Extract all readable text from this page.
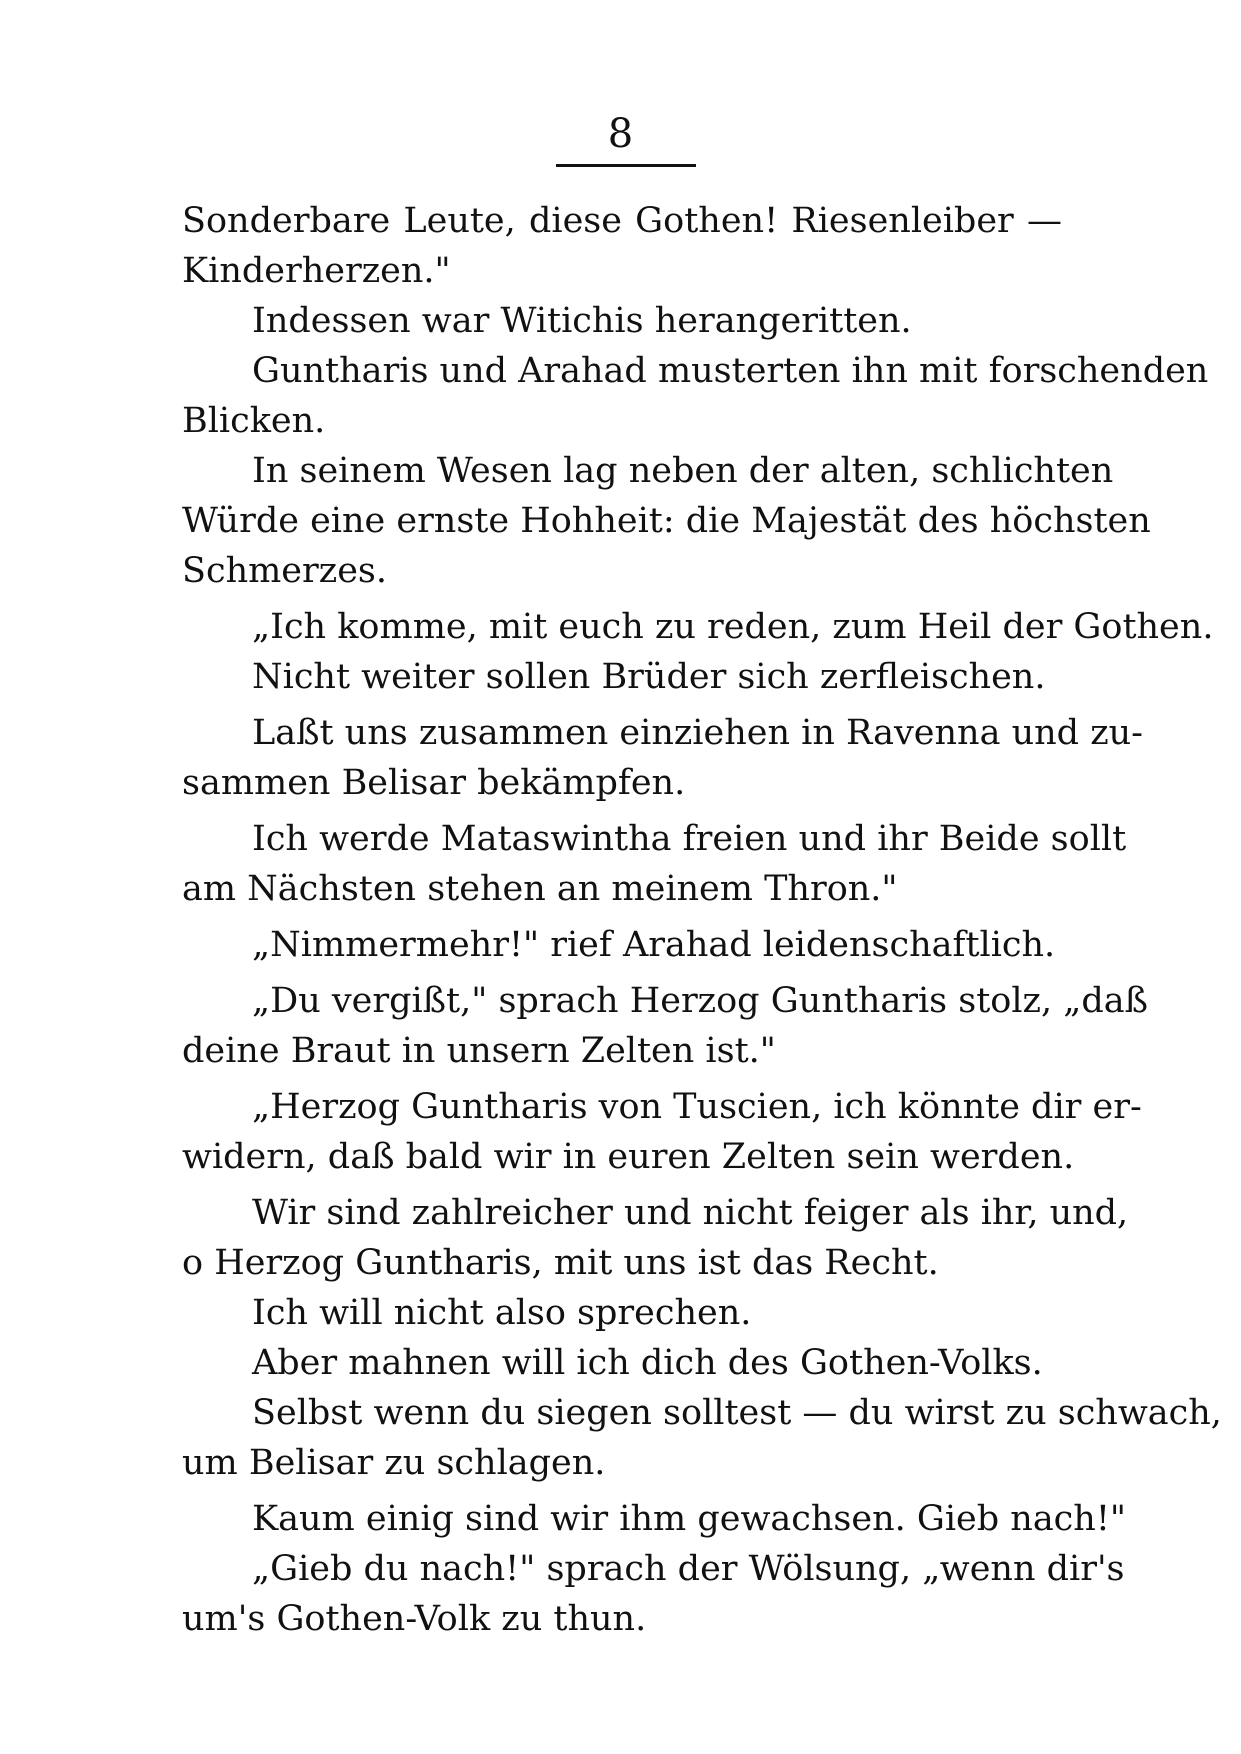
8
Sonderbare Leute, diese Gothen! Riesenleiber —
Kinderherzen."
Indessen war Witichis herangeritten.
Guntharis und Arahad musterten ihn mit forschenden
Blicken.
In seinem Wesen lag neben der alten, schlichten
Würde eine ernste Hohheit: die Majestät des höchsten
Schmerzes.
„Ich komme, mit euch zu reden, zum Heil der Gothen.
Nicht weiter sollen Brüder sich zerfleischen.
Laßt uns zusammen einziehen in Ravenna und zu-
sammen Belisar bekämpfen.
Ich werde Mataswintha freien und ihr Beide sollt
am Nächsten stehen an meinem Thron."
„Nimmermehr!" rief Arahad leidenschaftlich.
„Du vergißt," sprach Herzog Guntharis stolz, „daß
deine Braut in unsern Zelten ist."
„Herzog Guntharis von Tuscien, ich könnte dir er-
widern, daß bald wir in euren Zelten sein werden.
Wir sind zahlreicher und nicht feiger als ihr, und,
o Herzog Guntharis, mit uns ist das Recht.
Ich will nicht also sprechen.
Aber mahnen will ich dich des Gothen-Volks.
Selbst wenn du siegen solltest — du wirst zu schwach,
um Belisar zu schlagen.
Kaum einig sind wir ihm gewachsen. Gieb nach!"
„Gieb du nach!" sprach der Wölsung, „wenn dir's
um's Gothen-Volk zu thun.
